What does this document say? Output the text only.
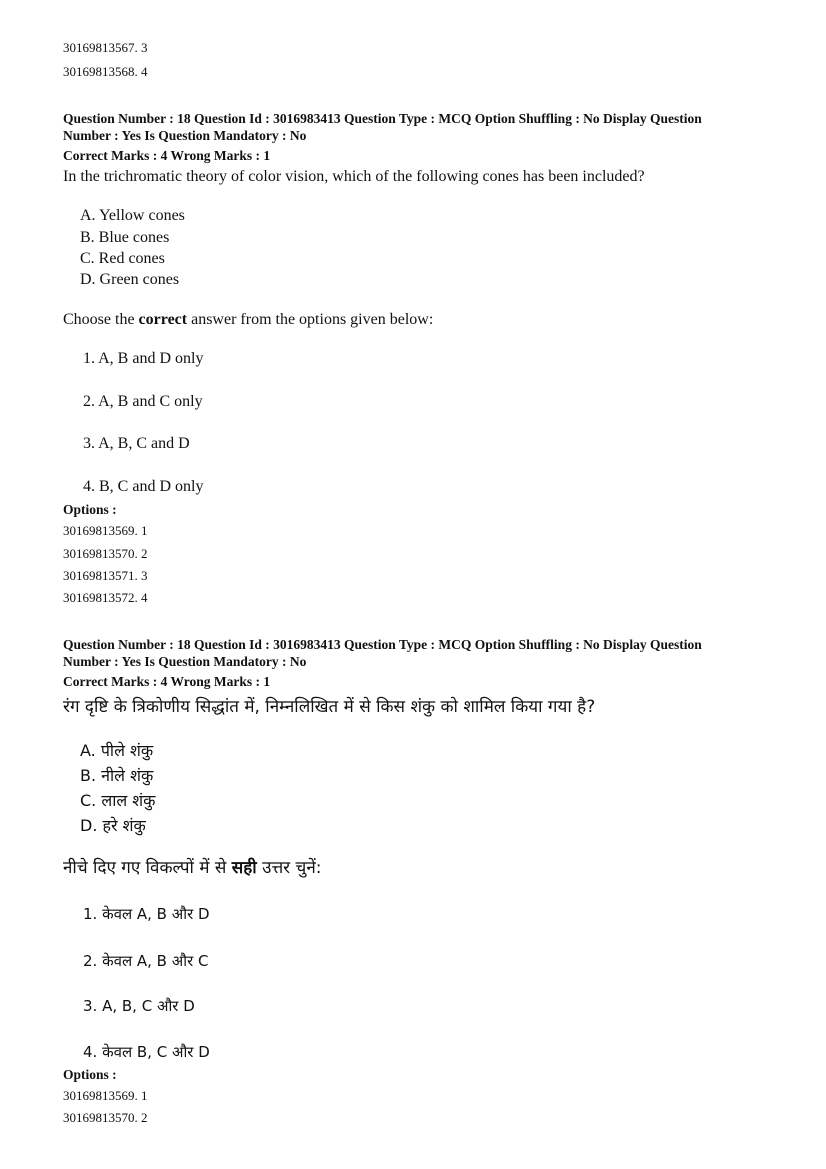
30169813567. 3

30169813568. 4

Question Number : 18 Question Id : 3016983413 Question Type : MCQ Option Shuffling : No Display Question

Number : Yes Is Question Mandatory : No

Correct Marks : 4 Wrong Marks : 1

In the trichromatic theory of color vision, which of the following cones has been included?

A. Yellow cones

B. Blue cones

C. Red cones

D. Green cones

Choose the correct answer from the options given below:

1. A, B and D only

2. A, B and C only

3. A, B, C and D

4. B, C and D only

Options :

30169813569. 1

30169813570. 2

30169813571. 3

30169813572. 4

Question Number : 18 Question Id : 3016983413 Question Type : MCQ Option Shuffling : No Display Question

Number : Yes Is Question Mandatory : No

Correct Marks : 4 Wrong Marks : 1

रंग दृष्टि के त्रिकोणीय सिद्धांत में, निम्नलिखित में से किस शंकु को शामिल किया गया है?

A. पीले शंकु

B. नीले शंकु

C. लाल शंकु

D. हरे शंकु

नीचे दिए गए विकल्पों में से सही उत्तर चुनें:

1. केवल A, B और D

2. केवल A, B और C

3. A, B, C और D

4. केवल B, C और D

Options :

30169813569. 1

30169813570. 2
